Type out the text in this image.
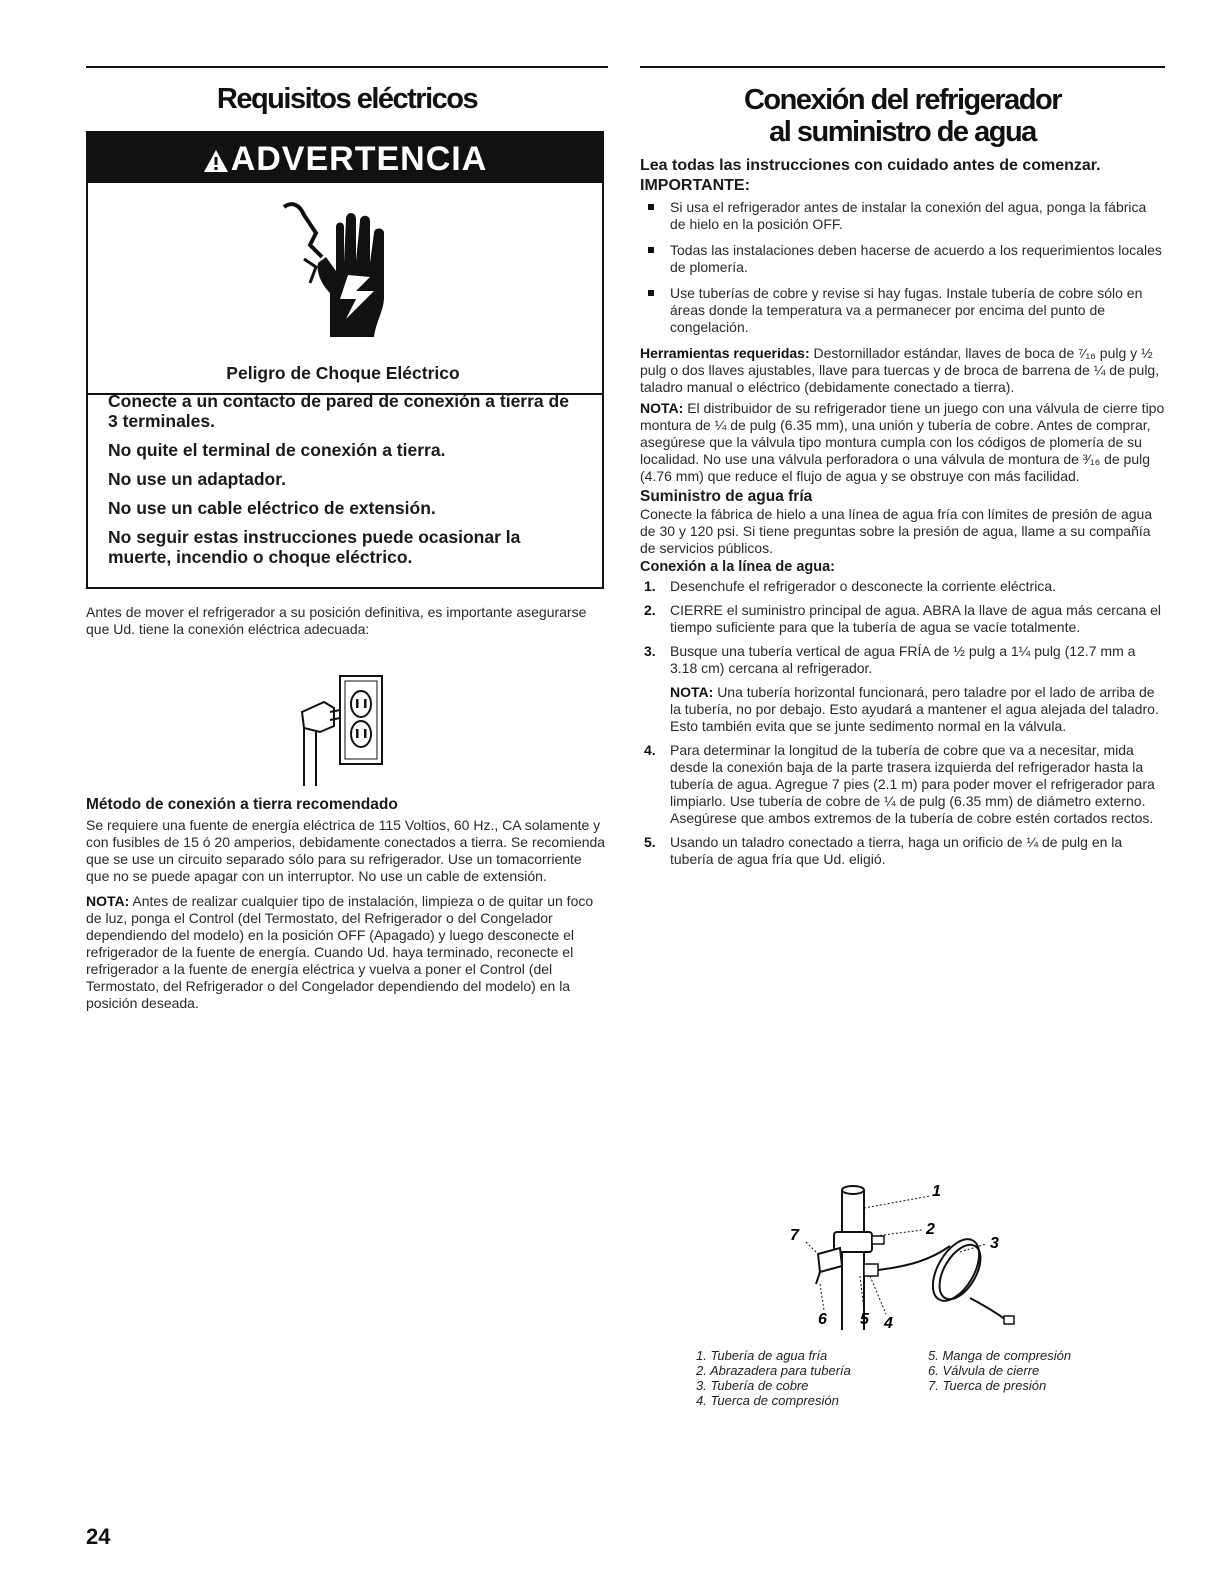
Requisitos eléctricos	Conexión del refrigerador
al suministro de agua
ADVERTENCIA
Peligro de Choque Eléctrico

Conecte a un contacto de pared de conexión a tierra de 3 terminales.

No quite el terminal de conexión a tierra.

No use un adaptador.

No use un cable eléctrico de extensión.

No seguir estas instrucciones puede ocasionar la muerte, incendio o choque eléctrico.

Antes de mover el refrigerador a su posición definitiva, es importante asegurarse que Ud. tiene la conexión eléctrica adecuada:

Método de conexión a tierra recomendado

Se requiere una fuente de energía eléctrica de 115 Voltios, 60 Hz., CA solamente y con fusibles de 15 ó 20 amperios, debidamente conectados a tierra. Se recomienda que se use un circuito separado sólo para su refrigerador. Use un tomacorriente que no se puede apagar con un interruptor. No use un cable de extensión.

NOTA: Antes de realizar cualquier tipo de instalación, limpieza o de quitar un foco de luz, ponga el Control (del Termostato, del Refrigerador o del Congelador dependiendo del modelo) en la posición OFF (Apagado) y luego desconecte el refrigerador de la fuente de energía. Cuando Ud. haya terminado, reconecte el refrigerador a la fuente de energía eléctrica y vuelva a poner el Control (del Termostato, del Refrigerador o del Congelador dependiendo del modelo) en la posición deseada.

Lea todas las instrucciones con cuidado antes de comenzar.

IMPORTANTE:

Si usa el refrigerador antes de instalar la conexión del agua, ponga la fábrica de hielo en la posición OFF.
Todas las instalaciones deben hacerse de acuerdo a los requerimientos locales de plomería.
Use tuberías de cobre y revise si hay fugas. Instale tubería de cobre sólo en áreas donde la temperatura va a permanecer por encima del punto de congelación.

Herramientas requeridas: Destornillador estándar, llaves de boca de ⁷⁄₁₆ pulg y ½ pulg o dos llaves ajustables, llave para tuercas y de broca de barrena de ¼ de pulg, taladro manual o eléctrico (debidamente conectado a tierra).

NOTA: El distribuidor de su refrigerador tiene un juego con una válvula de cierre tipo montura de ¼ de pulg (6.35 mm), una unión y tubería de cobre. Antes de comprar, asegúrese que la válvula tipo montura cumpla con los códigos de plomería de su localidad. No use una válvula perforadora o una válvula de montura de ³⁄₁₆ de pulg (4.76 mm) que reduce el flujo de agua y se obstruye con más facilidad.

Suministro de agua fría

Conecte la fábrica de hielo a una línea de agua fría con límites de presión de agua de 30 y 120 psi. Si tiene preguntas sobre la presión de agua, llame a su compañía de servicios públicos.

Conexión a la línea de agua:

1. Desenchufe el refrigerador o desconecte la corriente eléctrica.
2. CIERRE el suministro principal de agua. ABRA la llave de agua más cercana el tiempo suficiente para que la tubería de agua se vacíe totalmente.
3. Busque una tubería vertical de agua FRÍA de ½ pulg a 1¼ pulg (12.7 mm a 3.18 cm) cercana al refrigerador.
NOTA: Una tubería horizontal funcionará, pero taladre por el lado de arriba de la tubería, no por debajo. Esto ayudará a mantener el agua alejada del taladro. Esto también evita que se junte sedimento normal en la válvula.
4. Para determinar la longitud de la tubería de cobre que va a necesitar, mida desde la conexión baja de la parte trasera izquierda del refrigerador hasta la tubería de agua. Agregue 7 pies (2.1 m) para poder mover el refrigerador para limpiarlo. Use tubería de cobre de ¼ de pulg (6.35 mm) de diámetro externo. Asegúrese que ambos extremos de la tubería de cobre estén cortados rectos.
5. Usando un taladro conectado a tierra, haga un orificio de ¼ de pulg en la tubería de agua fría que Ud. eligió.
1
2
3
4
5
6
7
1. Tubería de agua fría
2. Abrazadera para tubería
3. Tubería de cobre
4. Tuerca de compresión
5. Manga de compresión
6. Válvula de cierre
7. Tuerca de presión
24
